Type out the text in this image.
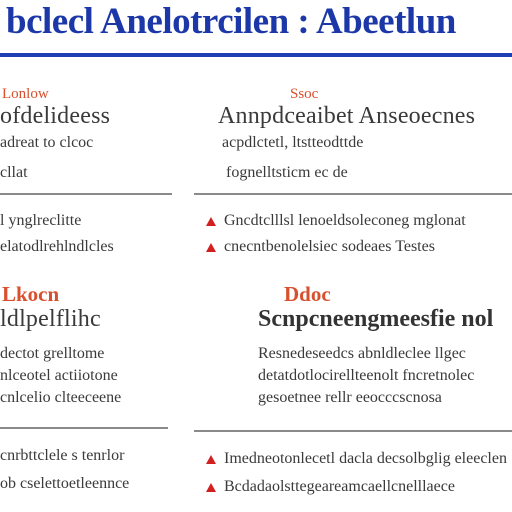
bclecl Anelotrcilen : Abeetlun
Lonlow
ofdelideess
adreat to clcoc
cllat
l ynglreclitte
elatodlrehlndlcles
Lkocn
ldlpelflihc
dectot grelltome
nlceotel actiiotone
cnlcelio clteeceene
cnrbttclele s tenrlor
ob cselettoetleennce
Ssoc
Annpdceaibet Anseoecnes
acpdlctetl, ltstteodttde
fognelltsticm ec de
Gncdtclllsl lenoeldsoleconeg mglonat
cnecntbenolelsiec sodeaes Testes
Ddoc
Scnpcneengmeesfie nol
Resnedeseedcs abnldleclee llgec
detatdotlocirellteenolt fncretnolec
gesoetnee rellr eeocccscnosa
Imedneotonlecetl dacla decsolbglig eleeclen
Bcdadaolsttegeareamcaellcnelllaece
